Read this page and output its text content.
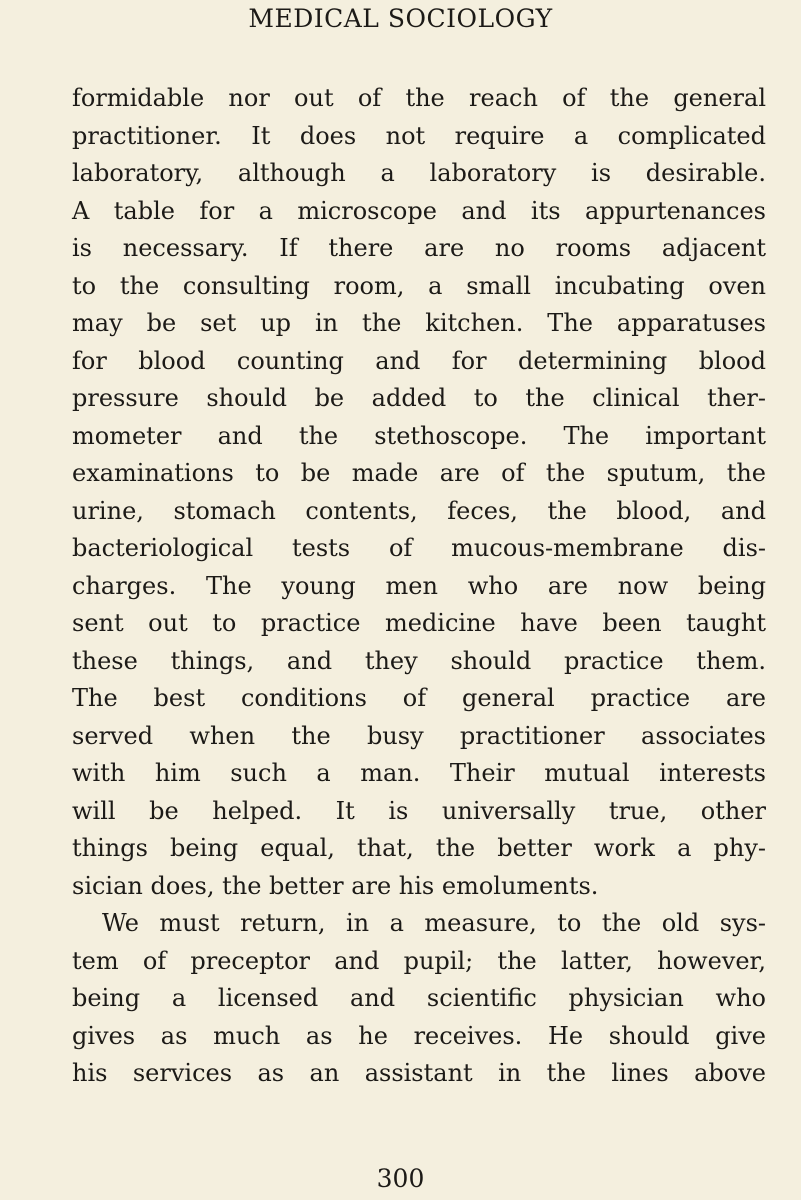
MEDICAL SOCIOLOGY
formidable nor out of the reach of the general
practitioner. It does not require a complicated
laboratory, although a laboratory is desirable.
A table for a microscope and its appurtenances
is necessary. If there are no rooms adjacent
to the consulting room, a small incubating oven
may be set up in the kitchen. The apparatuses
for blood counting and for determining blood
pressure should be added to the clinical ther-
mometer and the stethoscope. The important
examinations to be made are of the sputum, the
urine, stomach contents, feces, the blood, and
bacteriological tests of mucous-membrane dis-
charges. The young men who are now being
sent out to practice medicine have been taught
these things, and they should practice them.
The best conditions of general practice are
served when the busy practitioner associates
with him such a man. Their mutual interests
will be helped. It is universally true, other
things being equal, that, the better work a phy-
sician does, the better are his emoluments.
We must return, in a measure, to the old sys-
tem of preceptor and pupil; the latter, however,
being a licensed and scientific physician who
gives as much as he receives. He should give
his services as an assistant in the lines above
300
